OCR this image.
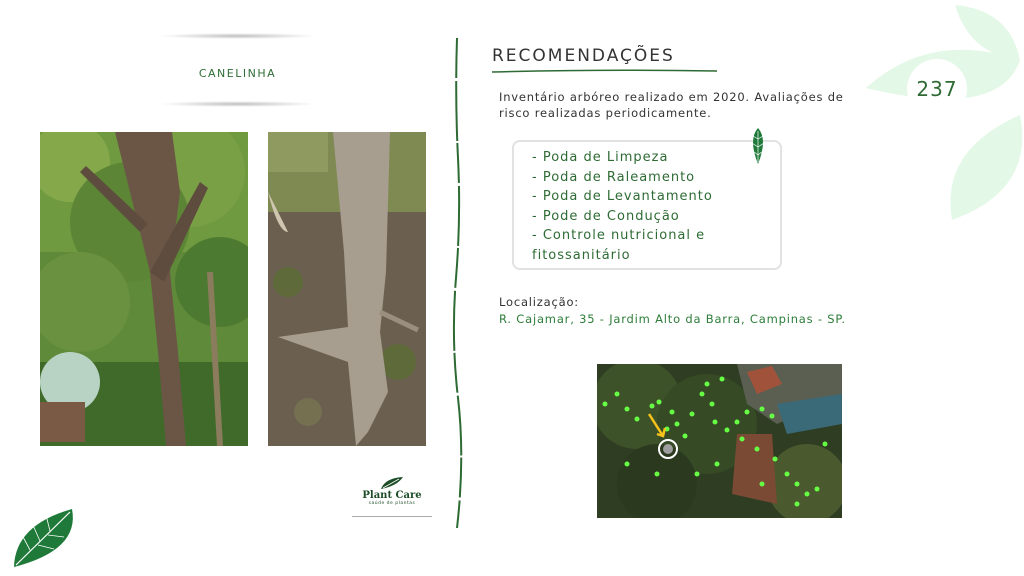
CANELINHA
Plant Care
saúde de plantas
RECOMENDAÇÕES
Inventário arbóreo realizado em 2020. Avaliações de risco realizadas periodicamente.
- Poda de Limpeza
- Poda de Raleamento
- Poda de Levantamento
- Pode de Condução
- Controle nutricional e fitossanitário
Localização:
R. Cajamar, 35 - Jardim Alto da Barra, Campinas - SP.
237
